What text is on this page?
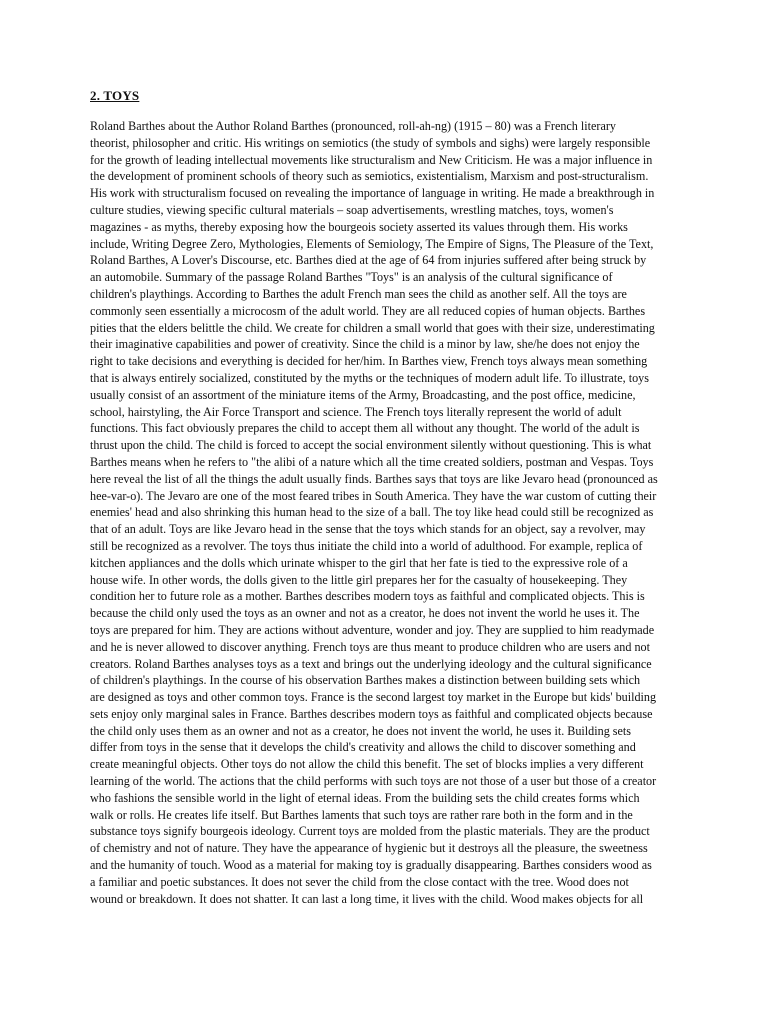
2. TOYS
Roland Barthes about the Author Roland Barthes (pronounced, roll-ah-ng) (1915 – 80) was a French literary
theorist, philosopher and critic. His writings on semiotics (the study of symbols and sighs) were largely responsible
for the growth of leading intellectual movements like structuralism and New Criticism. He was a major influence in
the development of prominent schools of theory such as semiotics, existentialism, Marxism and post-structuralism.
His work with structuralism focused on revealing the importance of language in writing. He made a breakthrough in
culture studies, viewing specific cultural materials – soap advertisements, wrestling matches, toys, women's
magazines - as myths, thereby exposing how the bourgeois society asserted its values through them. His works
include, Writing Degree Zero, Mythologies, Elements of Semiology, The Empire of Signs, The Pleasure of the Text,
Roland Barthes, A Lover's Discourse, etc. Barthes died at the age of 64 from injuries suffered after being struck by
an automobile. Summary of the passage Roland Barthes "Toys" is an analysis of the cultural significance of
children's playthings. According to Barthes the adult French man sees the child as another self. All the toys are
commonly seen essentially a microcosm of the adult world. They are all reduced copies of human objects. Barthes
pities that the elders belittle the child. We create for children a small world that goes with their size, underestimating
their imaginative capabilities and power of creativity. Since the child is a minor by law, she/he does not enjoy the
right to take decisions and everything is decided for her/him. In Barthes view, French toys always mean something
that is always entirely socialized, constituted by the myths or the techniques of modern adult life. To illustrate, toys
usually consist of an assortment of the miniature items of the Army, Broadcasting, and the post office, medicine,
school, hairstyling, the Air Force Transport and science. The French toys literally represent the world of adult
functions. This fact obviously prepares the child to accept them all without any thought. The world of the adult is
thrust upon the child. The child is forced to accept the social environment silently without questioning. This is what
Barthes means when he refers to "the alibi of a nature which all the time created soldiers, postman and Vespas. Toys
here reveal the list of all the things the adult usually finds. Barthes says that toys are like Jevaro head (pronounced as
hee-var-o). The Jevaro are one of the most feared tribes in South America. They have the war custom of cutting their
enemies' head and also shrinking this human head to the size of a ball. The toy like head could still be recognized as
that of an adult. Toys are like Jevaro head in the sense that the toys which stands for an object, say a revolver, may
still be recognized as a revolver. The toys thus initiate the child into a world of adulthood. For example, replica of
kitchen appliances and the dolls which urinate whisper to the girl that her fate is tied to the expressive role of a
house wife. In other words, the dolls given to the little girl prepares her for the casualty of housekeeping. They
condition her to future role as a mother. Barthes describes modern toys as faithful and complicated objects. This is
because the child only used the toys as an owner and not as a creator, he does not invent the world he uses it. The
toys are prepared for him. They are actions without adventure, wonder and joy. They are supplied to him readymade
and he is never allowed to discover anything. French toys are thus meant to produce children who are users and not
creators. Roland Barthes analyses toys as a text and brings out the underlying ideology and the cultural significance
of children's playthings. In the course of his observation Barthes makes a distinction between building sets which
are designed as toys and other common toys. France is the second largest toy market in the Europe but kids' building
sets enjoy only marginal sales in France. Barthes describes modern toys as faithful and complicated objects because
the child only uses them as an owner and not as a creator, he does not invent the world, he uses it. Building sets
differ from toys in the sense that it develops the child's creativity and allows the child to discover something and
create meaningful objects. Other toys do not allow the child this benefit. The set of blocks implies a very different
learning of the world. The actions that the child performs with such toys are not those of a user but those of a creator
who fashions the sensible world in the light of eternal ideas. From the building sets the child creates forms which
walk or rolls. He creates life itself. But Barthes laments that such toys are rather rare both in the form and in the
substance toys signify bourgeois ideology. Current toys are molded from the plastic materials. They are the product
of chemistry and not of nature. They have the appearance of hygienic but it destroys all the pleasure, the sweetness
and the humanity of touch. Wood as a material for making toy is gradually disappearing. Barthes considers wood as
a familiar and poetic substances. It does not sever the child from the close contact with the tree. Wood does not
wound or breakdown. It does not shatter. It can last a long time, it lives with the child. Wood makes objects for all
